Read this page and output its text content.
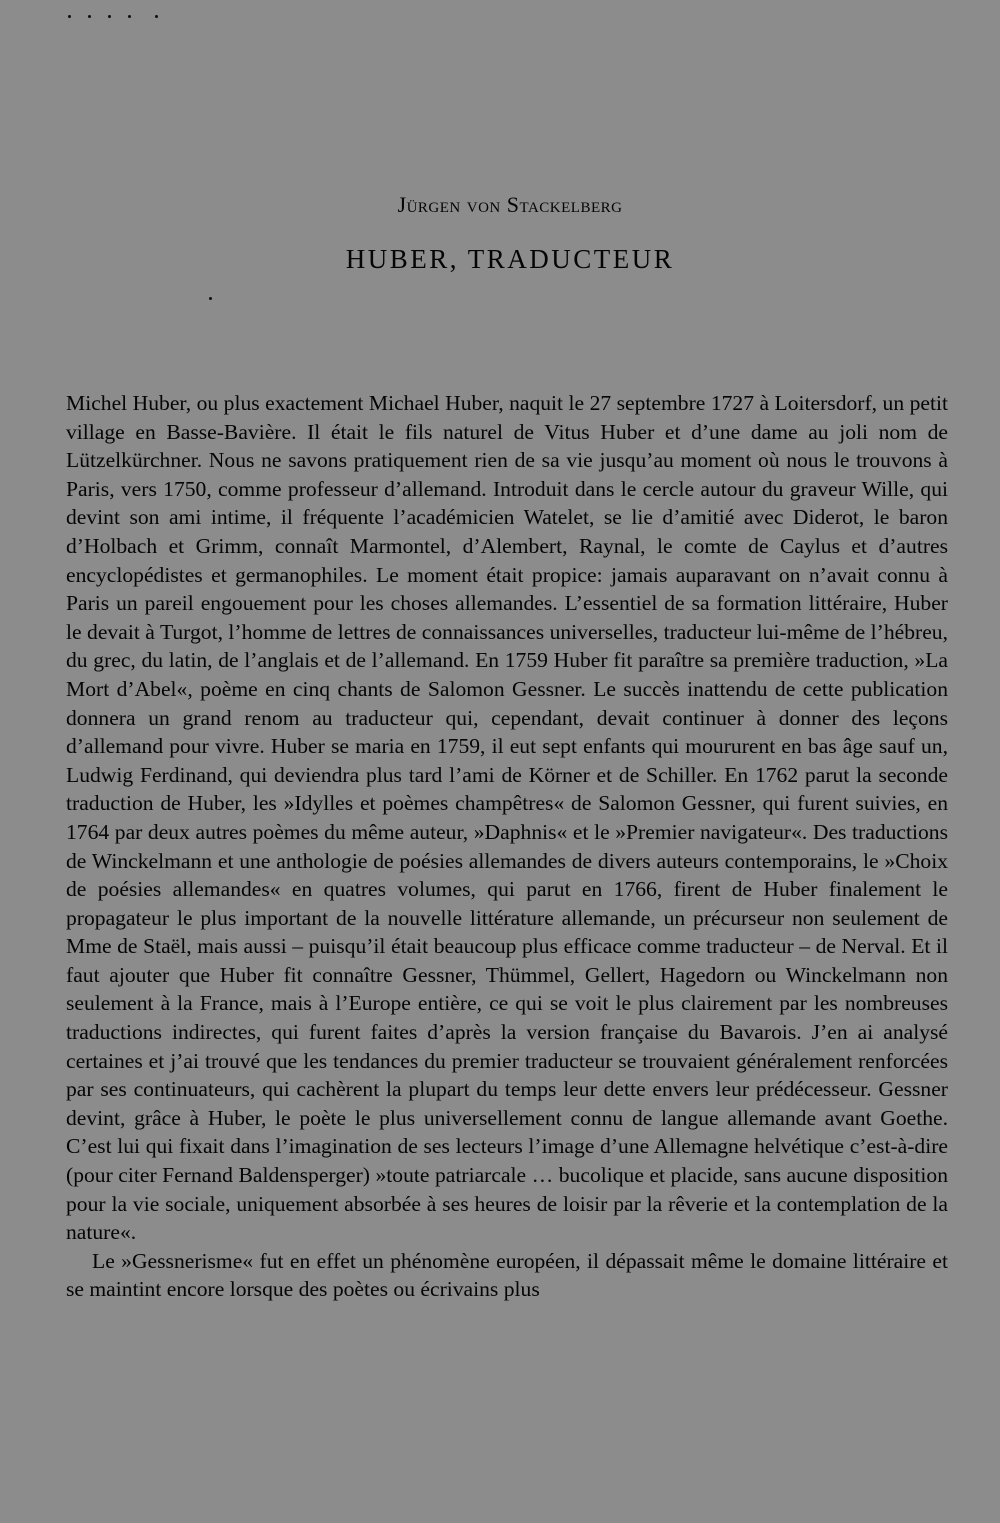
Jürgen von Stackelberg
HUBER, TRADUCTEUR

Michel Huber, ou plus exactement Michael Huber, naquit le 27 septembre 1727 à Loitersdorf, un petit village en Basse-Bavière. Il était le fils naturel de Vitus Huber et d’une dame au joli nom de Lützelkürchner. Nous ne savons pratiquement rien de sa vie jusqu’au moment où nous le trouvons à Paris, vers 1750, comme professeur d’allemand. Introduit dans le cercle autour du graveur Wille, qui devint son ami intime, il fréquente l’académicien Watelet, se lie d’amitié avec Diderot, le baron d’Holbach et Grimm, connaît Marmontel, d’Alembert, Raynal, le comte de Caylus et d’autres encyclopédistes et germanophiles. Le moment était propice: jamais auparavant on n’avait connu à Paris un pareil engouement pour les choses allemandes. L’essentiel de sa formation littéraire, Huber le devait à Turgot, l’homme de lettres de connaissances universelles, traducteur lui-même de l’hébreu, du grec, du latin, de l’anglais et de l’allemand. En 1759 Huber fit paraître sa première traduction, »La Mort d’Abel«, poème en cinq chants de Salomon Gessner. Le succès inattendu de cette publication donnera un grand renom au traducteur qui, cependant, devait continuer à donner des leçons d’allemand pour vivre. Huber se maria en 1759, il eut sept enfants qui moururent en bas âge sauf un, Ludwig Ferdinand, qui deviendra plus tard l’ami de Körner et de Schiller. En 1762 parut la seconde traduction de Huber, les »Idylles et poèmes champêtres« de Salomon Gessner, qui furent suivies, en 1764 par deux autres poèmes du même auteur, »Daphnis« et le »Premier navigateur«. Des traductions de Winckelmann et une anthologie de poésies allemandes de divers auteurs contemporains, le »Choix de poésies allemandes« en quatres volumes, qui parut en 1766, firent de Huber finalement le propagateur le plus important de la nouvelle littérature allemande, un précurseur non seulement de Mme de Staël, mais aussi – puisqu’il était beaucoup plus efficace comme traducteur – de Nerval. Et il faut ajouter que Huber fit connaître Gessner, Thümmel, Gellert, Hagedorn ou Winckelmann non seulement à la France, mais à l’Europe entière, ce qui se voit le plus clairement par les nombreuses traductions indirectes, qui furent faites d’après la version française du Bavarois. J’en ai analysé certaines et j’ai trouvé que les tendances du premier traducteur se trouvaient généralement renforcées par ses continuateurs, qui cachèrent la plupart du temps leur dette envers leur prédécesseur. Gessner devint, grâce à Huber, le poète le plus universellement connu de langue allemande avant Goethe. C’est lui qui fixait dans l’imagination de ses lecteurs l’image d’une Allemagne helvétique c’est-à-dire (pour citer Fernand Baldensperger) »toute patriarcale … bucolique et placide, sans aucune disposition pour la vie sociale, uniquement absorbée à ses heures de loisir par la rêverie et la contemplation de la nature«.

Le »Gessnerisme« fut en effet un phénomène européen, il dépassait même le domaine littéraire et se maintint encore lorsque des poètes ou écrivains plus
